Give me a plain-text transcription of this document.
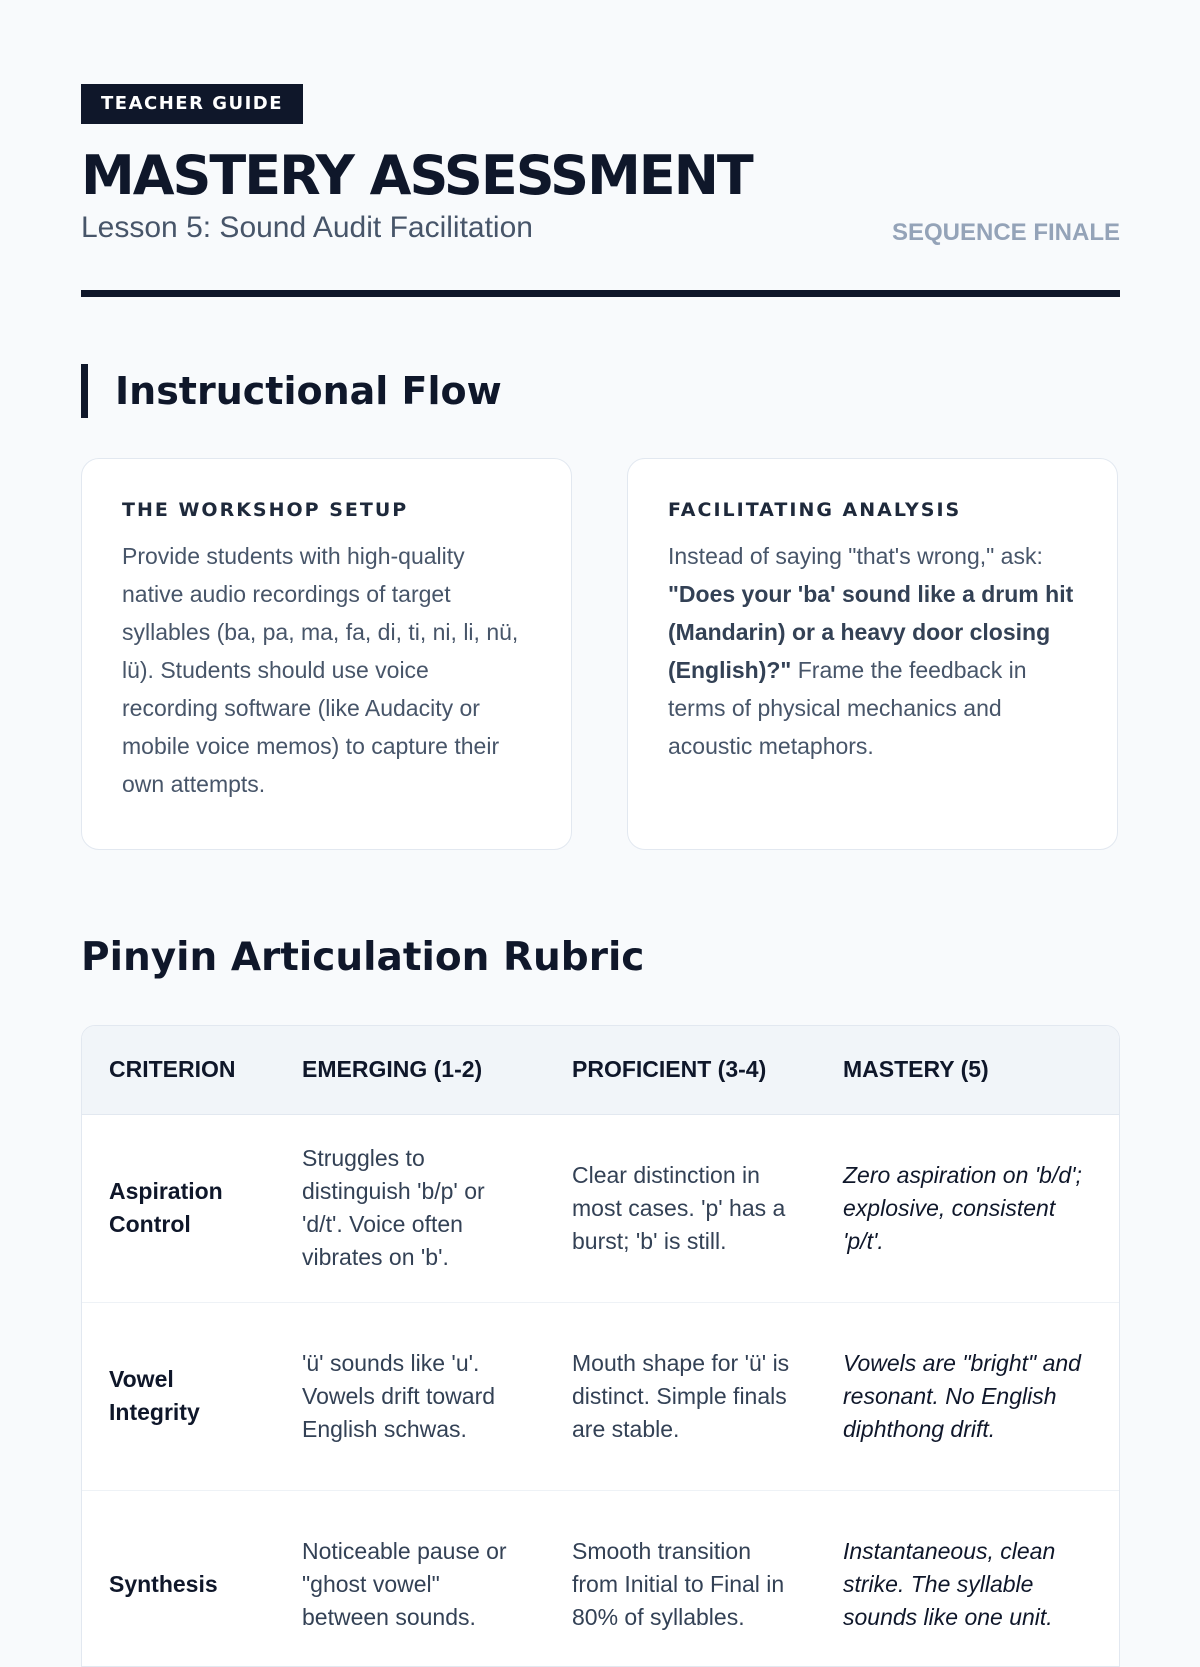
TEACHER GUIDE
MASTERY ASSESSMENT
Lesson 5: Sound Audit Facilitation	SEQUENCE FINALE
Instructional Flow
THE WORKSHOP SETUP
Provide students with high-quality native audio recordings of target syllables (ba, pa, ma, fa, di, ti, ni, li, nü, lü). Students should use voice recording software (like Audacity or mobile voice memos) to capture their own attempts.
FACILITATING ANALYSIS
Instead of saying "that's wrong," ask: "Does your 'ba' sound like a drum hit (Mandarin) or a heavy door closing (English)?" Frame the feedback in terms of physical mechanics and acoustic metaphors.
Pinyin Articulation Rubric
CRITERION	EMERGING (1-2)	PROFICIENT (3-4)	MASTERY (5)
Aspiration Control	Struggles to distinguish 'b/p' or 'd/t'. Voice often vibrates on 'b'.	Clear distinction in most cases. 'p' has a burst; 'b' is still.	Zero aspiration on 'b/d'; explosive, consistent 'p/t'.
Vowel Integrity	'ü' sounds like 'u'. Vowels drift toward English schwas.	Mouth shape for 'ü' is distinct. Simple finals are stable.	Vowels are "bright" and resonant. No English diphthong drift.
Synthesis	Noticeable pause or "ghost vowel" between sounds.	Smooth transition from Initial to Final in 80% of syllables.	Instantaneous, clean strike. The syllable sounds like one unit.
